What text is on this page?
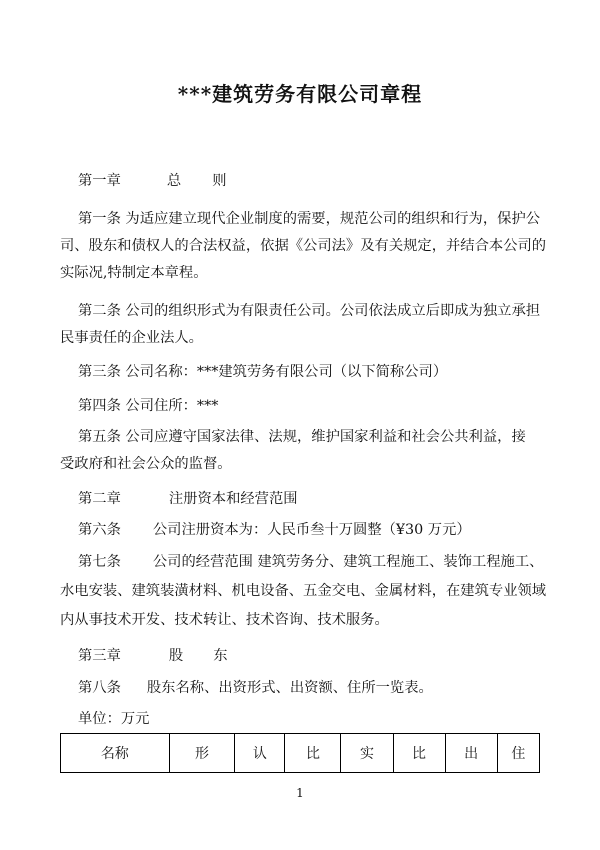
***建筑劳务有限公司章程
第一章	总 则
第一条 为适应建立现代企业制度的需要，规范公司的组织和行为，保护公
司、股东和债权人的合法权益，依据《公司法》及有关规定，并结合本公司的
实际况,特制定本章程。
第二条 公司的组织形式为有限责任公司。公司依法成立后即成为独立承担
民事责任的企业法人。
第三条 公司名称：***建筑劳务有限公司（以下简称公司）
第四条 公司住所：***
第五条 公司应遵守国家法律、法规，维护国家利益和社会公共利益，接
受政府和社会公众的监督。
第二章	注册资本和经营范围
第六条 公司注册资本为：人民币叁十万圆整（¥30 万元）
第七条 公司的经营范围 建筑劳务分、建筑工程施工、装饰工程施工、
水电安装、建筑装潢材料、机电设备、五金交电、金属材料，在建筑专业领域
内从事技术开发、技术转让、技术咨询、技术服务。
第三章	股 东
第八条 股东名称、出资形式、出资额、住所一览表。
单位：万元
名称	形	认	比	实	比	出	住
1
